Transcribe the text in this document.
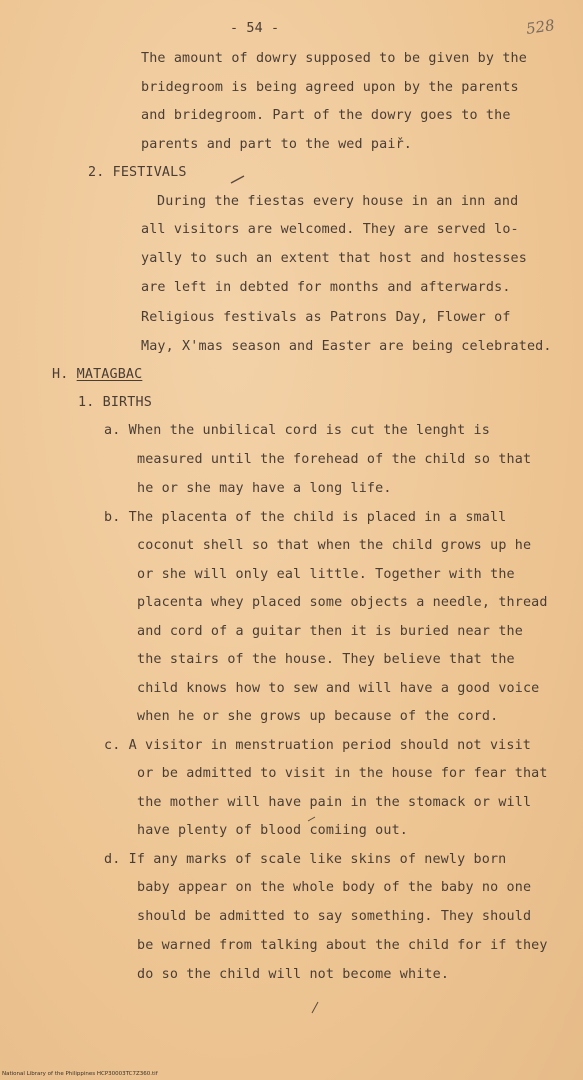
- 54 -	528
The amount of dowry supposed to be given by the
bridegroom is being agreed upon by the parents
and bridegroom. Part of the dowry goes to the
parents and part to the wed paiř.
2. FESTIVALS
During the fiestas every house in an inn and
all visitors are welcomed. They are served lo-
yally to such an extent that host and hostesses
are left in debted for months and afterwards.
Religious festivals as Patrons Day, Flower of
May, X'mas season and Easter are being celebrated.
H. MATAGBAC
1. BIRTHS
a. When the unbilical cord is cut the lenght is
measured until the forehead of the child so that
he or she may have a long life.
b. The placenta of the child is placed in a small
coconut shell so that when the child grows up he
or she will only eal little. Together with the
placenta whey placed some objects a needle, thread
and cord of a guitar then it is buried near the
the stairs of the house. They believe that the
child knows how to sew and will have a good voice
when he or she grows up because of the cord.
c. A visitor in menstruation period should not visit
or be admitted to visit in the house for fear that
the mother will have pain in the stomack or will
have plenty of blood comiing out.
d. If any marks of scale like skins of newly born
baby appear on the whole body of the baby no one
should be admitted to say something. They should
be warned from talking about the child for if they
do so the child will not become white.
National Library of the Philippines HCP30003TC7Z360.tif
